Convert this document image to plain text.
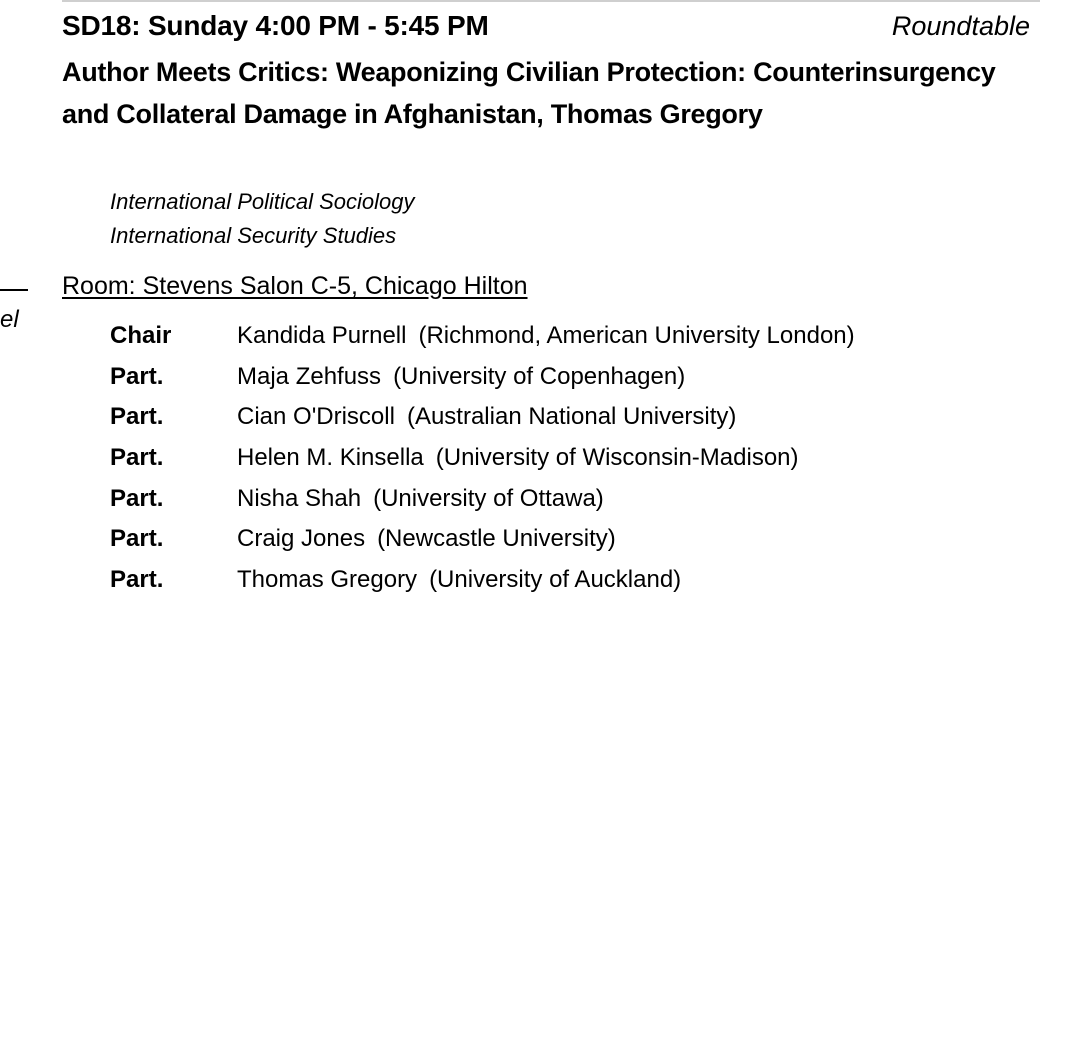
SD18: Sunday 4:00 PM - 5:45 PM	Roundtable
Author Meets Critics: Weaponizing Civilian Protection: Counterinsurgency and Collateral Damage in Afghanistan, Thomas Gregory
International Political Sociology
International Security Studies
el
Room: Stevens Salon C-5, Chicago Hilton
Chair	Kandida Purnell (Richmond, American University London)
Part.	Maja Zehfuss (University of Copenhagen)
Part.	Cian O'Driscoll (Australian National University)
Part.	Helen M. Kinsella (University of Wisconsin-Madison)
Part.	Nisha Shah (University of Ottawa)
Part.	Craig Jones (Newcastle University)
Part.	Thomas Gregory (University of Auckland)
